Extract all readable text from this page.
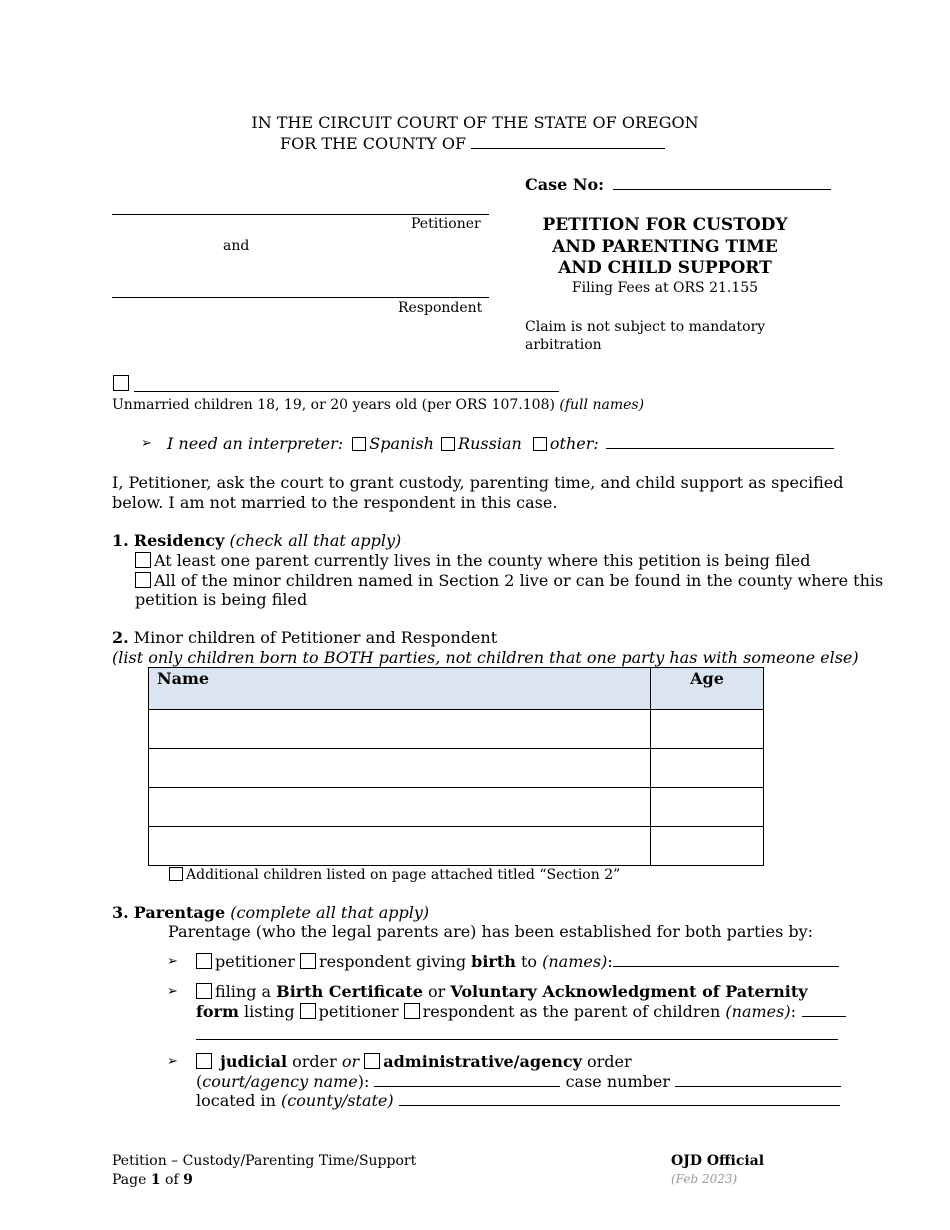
IN THE CIRCUIT COURT OF THE STATE OF OREGON
FOR THE COUNTY OF
Case No:
Petitioner
and
Respondent
PETITION FOR CUSTODY
AND PARENTING TIME
AND CHILD SUPPORT
Filing Fees at ORS 21.155
Claim is not subject to mandatory
arbitration
Unmarried children 18, 19, or 20 years old (per ORS 107.108) (full names)
➢ I need an interpreter: Spanish Russian other:
I, Petitioner, ask the court to grant custody, parenting time, and child support as specified
below. I am not married to the respondent in this case.
1. Residency (check all that apply)
At least one parent currently lives in the county where this petition is being filed
All of the minor children named in Section 2 live or can be found in the county where this
petition is being filed
2. Minor children of Petitioner and Respondent
(list only children born to BOTH parties, not children that one party has with someone else)
Name	Age

Additional children listed on page attached titled “Section 2”
3. Parentage (complete all that apply)
Parentage (who the legal parents are) has been established for both parties by:
➢	petitioner respondent giving birth to (names):
➢	filing a Birth Certificate or Voluntary Acknowledgment of Paternity
form listing petitioner respondent as the parent of children (names):
➢	judicial order or administrative/agency order
(court/agency name):	case number
located in (county/state)
Petition – Custody/Parenting Time/Support
Page 1 of 9
OJD Official
(Feb 2023)
